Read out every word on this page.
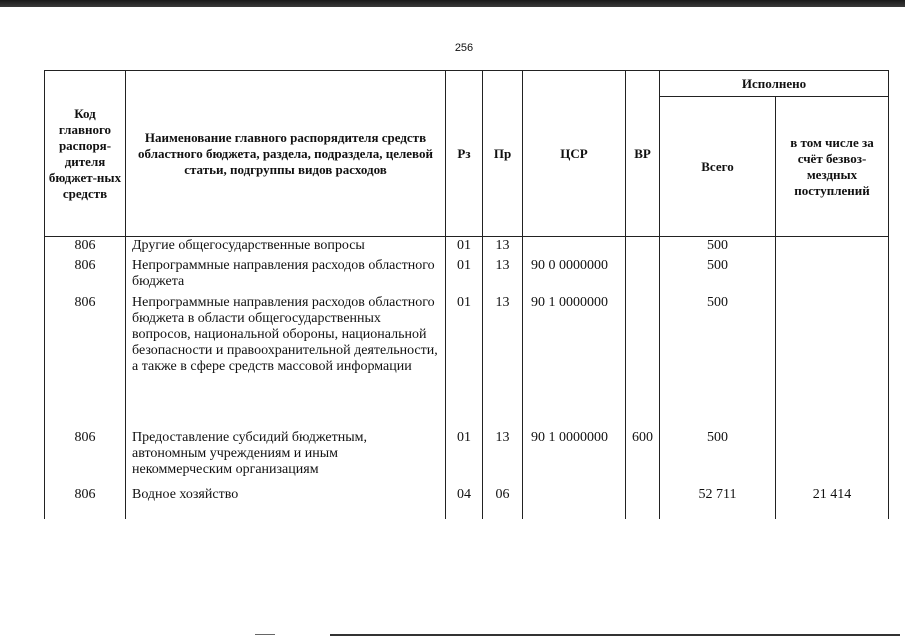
256
Код главного распоря-дителя бюджет-ных средств	Наименование главного распорядителя средств областного бюджета, раздела, подраздела, целевой статьи, подгруппы видов расходов	Рз	Пр	ЦСР	ВР	Исполнено	
						Всего	в том числе за счёт безвоз-мездных поступлений
806	Другие общегосударственные вопросы	01	13			500	
806	Непрограммные направления расходов областного бюджета	01	13	90 0 0000000		500	
806	Непрограммные направления расходов областного бюджета в области общегосударственных вопросов, национальной обороны, национальной безопасности и правоохранительной деятельности, а также в сфере средств массовой информации	01	13	90 1 0000000		500	
806	Предоставление субсидий бюджетным, автономным учреждениям и иным некоммерческим организациям	01	13	90 1 0000000	600	500	
806	Водное хозяйство	04	06			52 711	21 414
